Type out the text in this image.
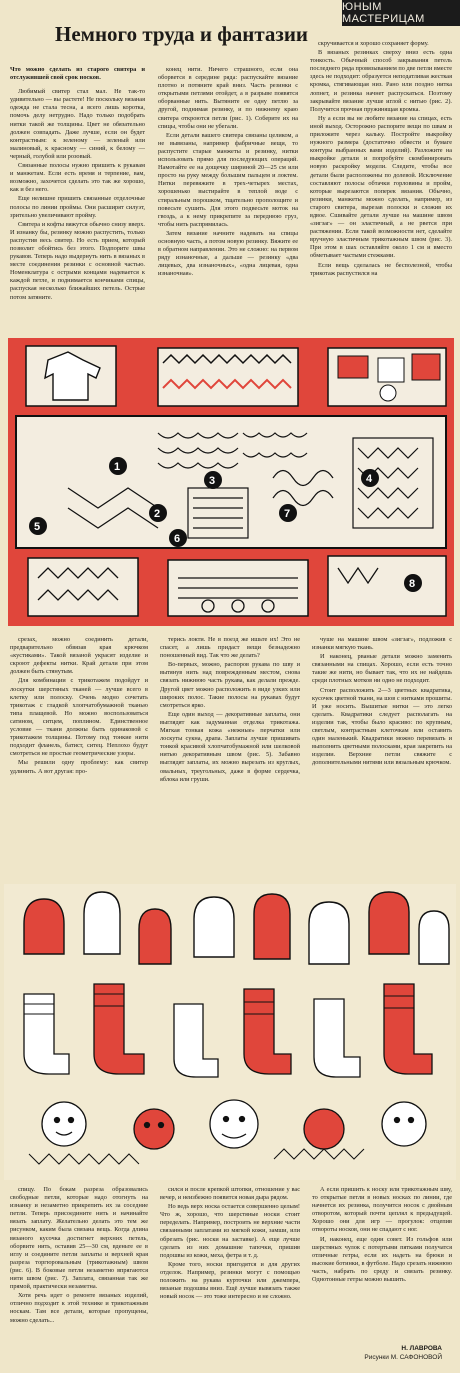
ЮНЫМ МАСТЕРИЦАМ
Немного труда и фантазии

Что можно сделать из старого свитера и отслужившей свой срок носков.

Любимый свитер стал мал. Не так-то удивительно — вы растете! Не поскольку вязаная одежда не стала тесна, а всего лишь коротка, помочь делу нетрудно. Надо только подобрать нитки такой же толщины. Цвет не обязательно должен совпадать. Даже лучше, если он будет контрастным: к зеленому — зеленый или малиновый, к красному — синий, к белому — черный, голубой или розовый.

Связанные полосы нужно пришить к рукавам и манжетам. Если есть время и терпение, вам, возможно, захочется сделать это так же хорошо, как и без него.

Еще нелишне пришить связанные отделочные полосы по линии проймы. Они расширят силуэт, зрительно увеличивают пройму.

Свитера и кофты вяжутся обычно снизу вверх. И изнанку бы, резинку можно распустить, только распустив весь свитер. Но есть прием, который позволит обойтись без этого. Подпорите швы рукавов. Теперь надо выдернуть нить в вязаных в месте соединения резинки с основной частью. Номенклатура с острыми концами надевается к каждой петле, и поднимается кончиками спицы, распуская несколько ближайших петель. Острые потом затяните.

конец нити. Ничего страшного, если она оборвется в середине ряда: распускайте вязание плотно и потяните край вниз. Часть резинки с открытыми петлями отойдет, а в разрыве появятся оборванные нить. Вытяните ее одну петлю за другой, поднимая резинку, и по нижнему краю свитера откроются петли (рис. 1). Соберите их на спицы, чтобы они не убегали.

Если детали вашего свитера связаны целиком, а не вывязаны, например фабричные вещи, то распустите старые манжеты и резинку, нитки использовать прямо для последующих операций. Намотайте ее на дощечку шириной 20—25 см или просто на руку между большим пальцем и локтем. Нитки перевяжите в трех-четырех местах, хорошенько выстирайте в теплой воде с стиральным порошком, тщательно прополощите и повесьте сушить. Для этого подвесьте моток на гвоздь, а к нему прикрепите за переднюю груз, чтобы нить распрямилась.

Затем вязание начните надевать на спицы основную часть, а потом новую резинку. Вяжите ее в обратном направлении. Это не сложно: на первом ряду изнаночные, а дальше — резинку «два лицевых, два изнаночных», «одна лицевая, одна изнаночная».

скручивается и хорошо сохраняет форму.

В вязаных резинках сверху вниз есть одна тонкость. Обычный способ закрывания петель последнего ряда провязыванием по две петли вместе здесь не подходит: образуется неподатливая жесткая кромка, стягивающая низ. Рано или поздно нитка лопнет, и резинка начнет распускаться. Поэтому закрывайте вязание лучше иглой с нитью (рис. 2). Получится прочная пружинящая кромка.

Ну а если вы не любите вязание на спицах, есть иной выход. Осторожно распорите вещи по швам и приложите через кальку. Постройте выкройку нужного размера (достаточно обвести и бумаге контуры выбранных вами изделий). Разложите на выкройке детали и попробуйте скомбинировать новую раскройку модели. Следите, чтобы все детали были расположены по долевой. Исключение составляют полосы обтачки горловины и пройм, которые вырезаются поперек вязания. Обычно, резинки, манжеты можно сделать, например, из старого свитера, вырезав полоски и сложив их вдвое. Сшивайте детали лучше на машине швом «зигзаг» — он эластичный, а не рвется при растяжении. Если такой возможности нет, сделайте вручную эластичным трикотажным швом (рис. 3). При этом в шах оставляйте около 1 см и вместо обметывает частыми стежками.

Если вещь сделалась не бесполезной, чтобы трикотаж распустился на

1
2
3	4
5
6
7
8

срезах, можно соединить детали, предварительно обвязав края крючком «кустиками». Такой вязаной украсят изделие и скроют дефекты нитки. Край детали при этом должен быть стянутым.

Для комбинации с трикотажем подойдут и лоскутки шерстяных тканей — лучше всего в клетку или полоску. Очень модно сочетать трикотаж с гладкой хлопчатобумажной тканью типа плащевой. Но можно воспользоваться сатином, ситцем, поплином. Единственное условие — ткани должны быть одинаковой с трикотажем толщины. Потому под тонкие нити подходит фланель, батист, ситец. Неплохо будут смотреться не простые геометрические узоры.

Мы решили одну проблему: как свитер удлинить. А вот другая: про-

терись локти. Не в поезд же ишьте их! Это не спасет, а лишь придаст вещи безнадежно поношенный вид. Так что же делать?

Во-первых, можно, распоров рукава по шву и вытянув нить над поврежденным местом, снова связать нижнюю часть рукава, как делали прежде. Другой цвет можно расположить в виде узких или широких полос. Такие полосы на рукавах будут смотреться ярко.

Еще один выход — декоративные заплаты, они выглядят как задуманная отделка трикотажа. Мягкая тонкая кожа «нежные» перчатки или лоскуты сукна, драпа. Заплаты лучше пришивать тонкой красивой хлопчатобумажной или шелковой нитью декоративным швом (рис. 5). Забавно выглядят заплаты, их можно вырезать из круглых, овальных, треугольных, даже в форме сердечка, яблока или груши.

чуше на машине швом «зигзаг», подложив с изнанки мягкую ткань.

И наконец, рваные детали можно заменить связанными на спицах. Хорошо, если есть точно такие же нити, но бывает так, что их не найдешь среди плотных мотков ни одно не подходит.

Стоит расположить 2—3 цветных квадратика, кусочек цветной ткани, на шов с нитками прошиты. И уже носить. Вышитые нитки — это легко сделать. Квадратики следует располагать на изделии так, чтобы было красиво: по крупным, светлым, контрастным клеточкам или оставить один маленький. Квадратики можно перевязать и выполнить цветными полосками, края закрепить на изделии. Верхние петли свяжите с дополнительными нитями или вязальным крючком.

спицу. По бокам разреза образовались свободные петли, которые надо отогнуть на изнанку и незаметно прикрепить их за соседние петли. Теперь присоедините нить и начинайте вязать заплату. Желательно делать это тем же рисунком, каким была связана вещь. Когда длина вязаного кусочка достигнет верхних петель, оборвите нить, оставив 25—30 см, вденьте ее в иглу и соедините петли заплаты и верхней края разреза торгюровальным (трикотажным) швом (рис. 6). В боковые петли незаметно впрягаются нити швом (рис. 7). Заплата, связанная так же прямой, практически незаметна.

Хотя речь идет о ремонте вязаных изделий, отлично подходит к этой технике и трикотажным носкам. Там все детали, которые пропущены, можно сделать...

сился и после крепкой штопки, отношение у вас вечер, и неизбежно появится новая дыра рядом.

Но ведь верх носка остается совершенно целым! Что ж, хорошо, что шерстяные носки стоит переделать. Например, построить не верхние части связанными заплатами из мягкой кожи, замши, или обрезать (рис. носки на заставке). А еще лучше сделать из них домашние тапочки, пришив подошвы из кожи, меха, фетра и т. д.

Кроме того, носки пригодятся и для других отделок. Например, резинки могут с помощью положить на рукава курточки или джемпера, вязаные подошвы вниз. Ещё лучше вывязать также новый носок — это тоже интересно и не сложно.

А если пришить к носку или трикотажным шву, то открытые петли в новых носках по линии, где начнется их резинка, получится носок с двойным отворотом, который почти цеплял к предыдущей. Хорошо они для игр — прогулок: отцепив отвороты носков, они не спадают с ног.

И, наконец, еще один совет. Из гольфов или шерстяных чулок с потертыми пятками получатся отличные гетры, если их надеть на брюки и высокие ботинки, в футболе. Надо срезать нижнюю часть, набрать по среду и связать резинку. Однотонные гетры можно вышить.

Н. ЛАВРОВА
Рисунки М. САФОНОВОЙ
